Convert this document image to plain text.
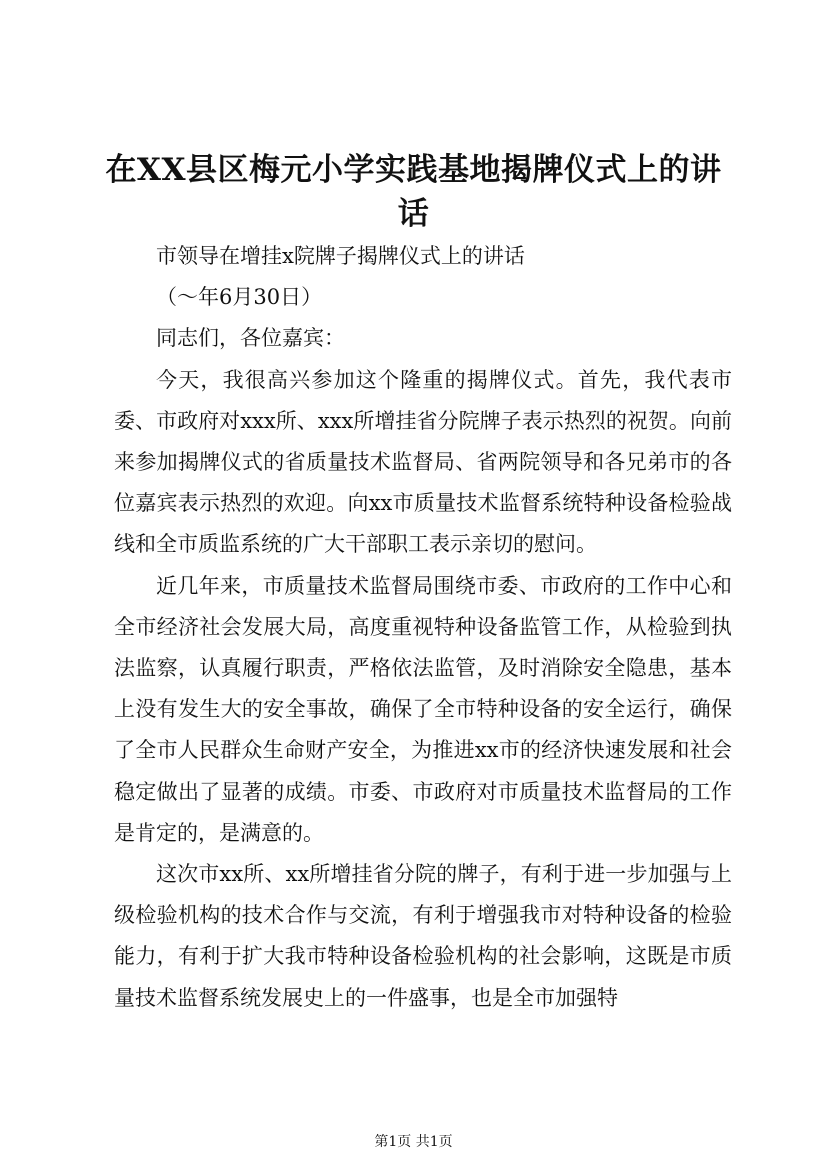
在XX县区梅元小学实践基地揭牌仪式上的讲话

市领导在增挂x院牌子揭牌仪式上的讲话

（～年6月30日）

同志们，各位嘉宾：

今天，我很高兴参加这个隆重的揭牌仪式。首先，我代表市委、市政府对xxx所、xxx所增挂省分院牌子表示热烈的祝贺。向前来参加揭牌仪式的省质量技术监督局、省两院领导和各兄弟市的各位嘉宾表示热烈的欢迎。向xx市质量技术监督系统特种设备检验战线和全市质监系统的广大干部职工表示亲切的慰问。

近几年来，市质量技术监督局围绕市委、市政府的工作中心和全市经济社会发展大局，高度重视特种设备监管工作，从检验到执法监察，认真履行职责，严格依法监管，及时消除安全隐患，基本上没有发生大的安全事故，确保了全市特种设备的安全运行，确保了全市人民群众生命财产安全，为推进xx市的经济快速发展和社会稳定做出了显著的成绩。市委、市政府对市质量技术监督局的工作是肯定的，是满意的。

这次市xx所、xx所增挂省分院的牌子，有利于进一步加强与上级检验机构的技术合作与交流，有利于增强我市对特种设备的检验能力，有利于扩大我市特种设备检验机构的社会影响，这既是市质量技术监督系统发展史上的一件盛事，也是全市加强特

第1页 共1页
